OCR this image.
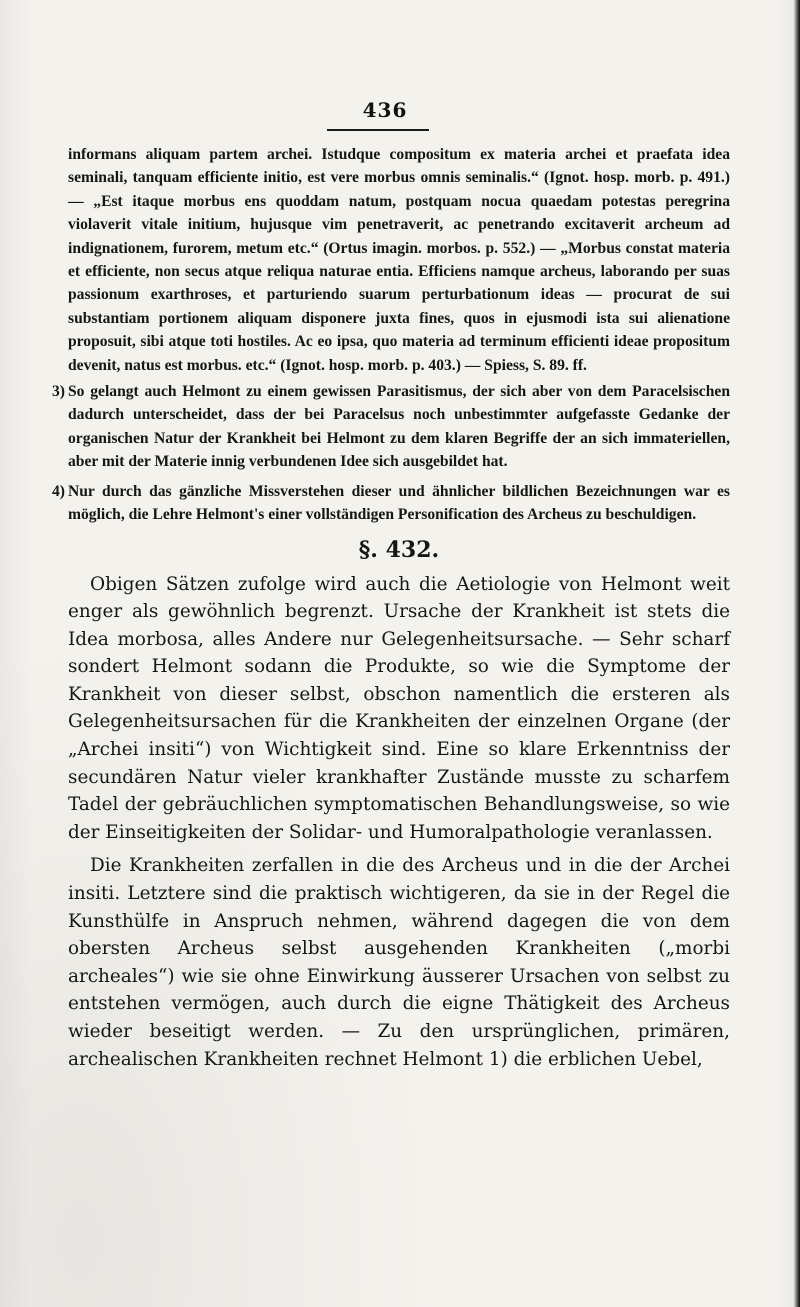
436

informans aliquam partem archei. Istudque compositum ex materia archei et praefata idea seminali, tanquam efficiente initio, est vere morbus omnis seminalis.“ (Ignot. hosp. morb. p. 491.) — „Est itaque morbus ens quoddam natum, postquam nocua quaedam potestas peregrina violaverit vitale initium, hujusque vim penetraverit, ac penetrando excitaverit archeum ad indignationem, furorem, metum etc.“ (Ortus imagin. morbos. p. 552.) — „Morbus constat materia et efficiente, non secus atque reliqua naturae entia. Efficiens namque archeus, laborando per suas passionum exarthroses, et parturiendo suarum perturbationum ideas — procurat de sui substantiam portionem aliquam disponere juxta fines, quos in ejusmodi ista sui alienatione proposuit, sibi atque toti hostiles. Ac eo ipsa, quo materia ad terminum efficienti ideae propositum devenit, natus est morbus. etc.“ (Ignot. hosp. morb. p. 403.) — Spiess, S. 89. ff.

3) So gelangt auch Helmont zu einem gewissen Parasitismus, der sich aber von dem Paracelsischen dadurch unterscheidet, dass der bei Paracelsus noch unbestimmter aufgefasste Gedanke der organischen Natur der Krankheit bei Helmont zu dem klaren Begriffe der an sich immateriellen, aber mit der Materie innig verbundenen Idee sich ausgebildet hat.

4) Nur durch das gänzliche Missverstehen dieser und ähnlicher bildlichen Bezeichnungen war es möglich, die Lehre Helmont's einer vollständigen Personification des Archeus zu beschuldigen.

§. 432.

Obigen Sätzen zufolge wird auch die Aetiologie von Helmont weit enger als gewöhnlich begrenzt. Ursache der Krankheit ist stets die Idea morbosa, alles Andere nur Gelegenheitsursache. — Sehr scharf sondert Helmont sodann die Produkte, so wie die Symptome der Krankheit von dieser selbst, obschon namentlich die ersteren als Gelegenheitsursachen für die Krankheiten der einzelnen Organe (der „Archei insiti“) von Wichtigkeit sind. Eine so klare Erkenntniss der secundären Natur vieler krankhafter Zustände musste zu scharfem Tadel der gebräuchlichen symptomatischen Behandlungsweise, so wie der Einseitigkeiten der Solidar- und Humoralpathologie veranlassen.

Die Krankheiten zerfallen in die des Archeus und in die der Archei insiti. Letztere sind die praktisch wichtigeren, da sie in der Regel die Kunsthülfe in Anspruch nehmen, während dagegen die von dem obersten Archeus selbst ausgehenden Krankheiten („morbi archeales“) wie sie ohne Einwirkung äusserer Ursachen von selbst zu entstehen vermögen, auch durch die eigne Thätigkeit des Archeus wieder beseitigt werden. — Zu den ursprünglichen, primären, archealischen Krankheiten rechnet Helmont 1) die erblichen Uebel,
